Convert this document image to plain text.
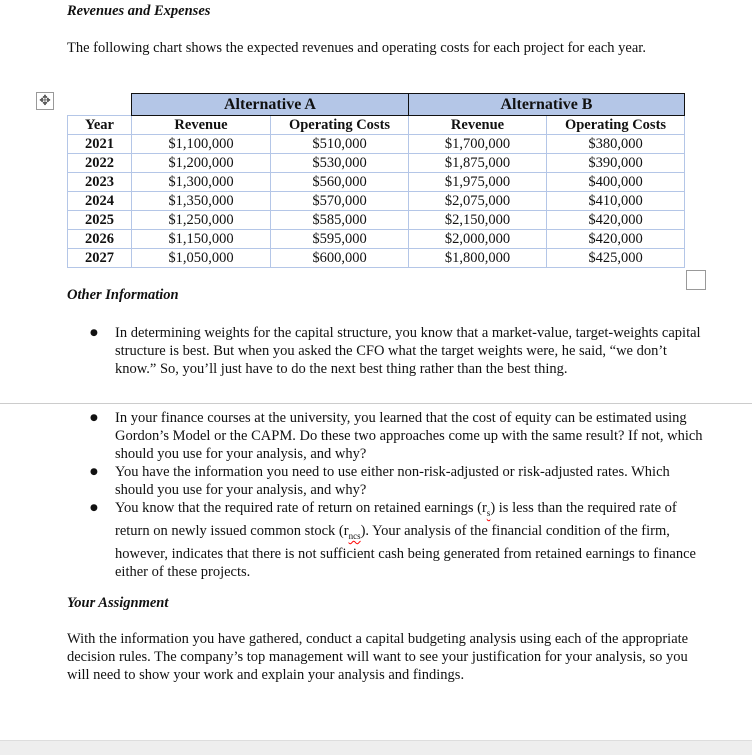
Revenues and Expenses

The following chart shows the expected revenues and operating costs for each project for each year.

✥
		Alternative A		Alternative B	
Year	Revenue	Operating Costs	Revenue	Operating Costs
2021	$1,100,000	$510,000	$1,700,000	$380,000
2022	$1,200,000	$530,000	$1,875,000	$390,000
2023	$1,300,000	$560,000	$1,975,000	$400,000
2024	$1,350,000	$570,000	$2,075,000	$410,000
2025	$1,250,000	$585,000	$2,150,000	$420,000
2026	$1,150,000	$595,000	$2,000,000	$420,000
2027	$1,050,000	$600,000	$1,800,000	$425,000

Other Information

● In determining weights for the capital structure, you know that a market-value, target-weights capital structure is best. But when you asked the CFO what the target weights were, he said, “we don’t know.” So, you’ll just have to do the next best thing rather than the best thing.
● In your finance courses at the university, you learned that the cost of equity can be estimated using Gordon’s Model or the CAPM. Do these two approaches come up with the same result? If not, which should you use for your analysis, and why?
● You have the information you need to use either non-risk-adjusted or risk-adjusted rates. Which should you use for your analysis, and why?
● You know that the required rate of return on retained earnings $(r_s)$ is less than the required rate of return on newly issued common stock $(r_{ncs})$. Your analysis of the financial condition of the firm, however, indicates that there is not sufficient cash being generated from retained earnings to finance either of these projects.

Your Assignment

With the information you have gathered, conduct a capital budgeting analysis using each of the appropriate decision rules. The company’s top management will want to see your justification for your analysis, so you will need to show your work and explain your analysis and findings.
